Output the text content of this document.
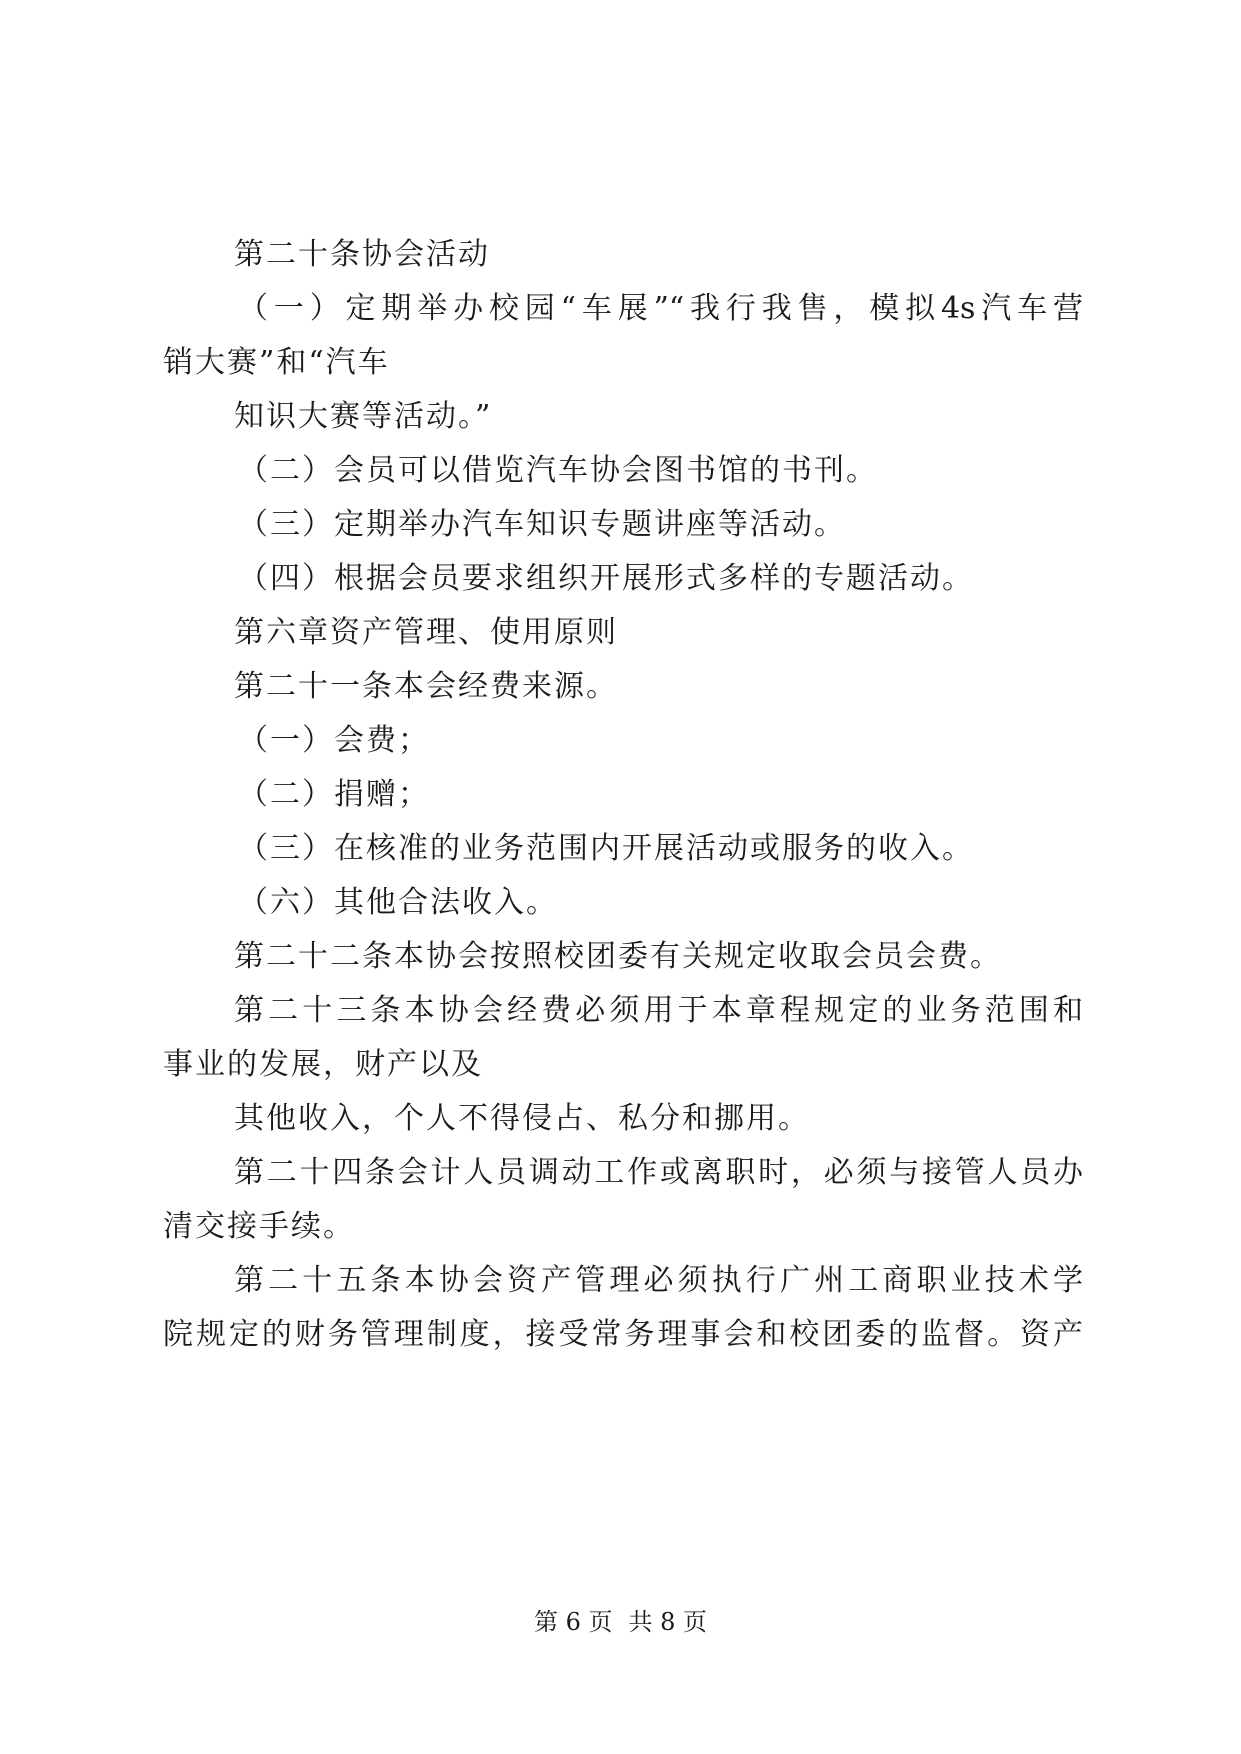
第二十条协会活动
（一）定期举办校园“车展”“我行我售，模拟4s汽车营
销大赛”和“汽车
知识大赛等活动。”
（二）会员可以借览汽车协会图书馆的书刊。
（三）定期举办汽车知识专题讲座等活动。
（四）根据会员要求组织开展形式多样的专题活动。
第六章资产管理、使用原则
第二十一条本会经费来源。
（一）会费；
（二）捐赠；
（三）在核准的业务范围内开展活动或服务的收入。
（六）其他合法收入。
第二十二条本协会按照校团委有关规定收取会员会费。
第二十三条本协会经费必须用于本章程规定的业务范围和
事业的发展，财产以及
其他收入，个人不得侵占、私分和挪用。
第二十四条会计人员调动工作或离职时，必须与接管人员办
清交接手续。
第二十五条本协会资产管理必须执行广州工商职业技术学
院规定的财务管理制度，接受常务理事会和校团委的监督。资产
第 6 页 共 8 页
